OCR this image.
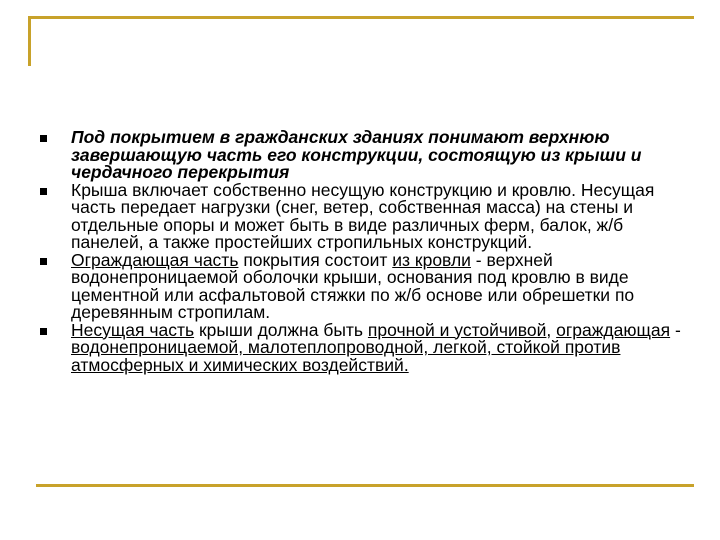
Под покрытием в гражданских зданиях понимают верхнюю завершающую часть его конструкции, состоящую из крыши и чердачного перекрытия
Крыша включает собственно несущую конструкцию и кровлю. Несущая часть передает нагрузки (снег, ветер, собственная масса) на стены и отдельные опоры и может быть в виде различных ферм, балок, ж/б панелей, а также простейших стропильных конструкций.
Ограждающая часть покрытия состоит из кровли - верхней водонепроницаемой оболочки крыши, основания под кровлю в виде цементной или асфальтовой стяжки по ж/б основе или обрешетки по деревянным стропилам.
Несущая часть крыши должна быть прочной и устойчивой, ограждающая - водонепроницаемой, малотеплопроводной, легкой, стойкой против атмосферных и химических воздействий.
